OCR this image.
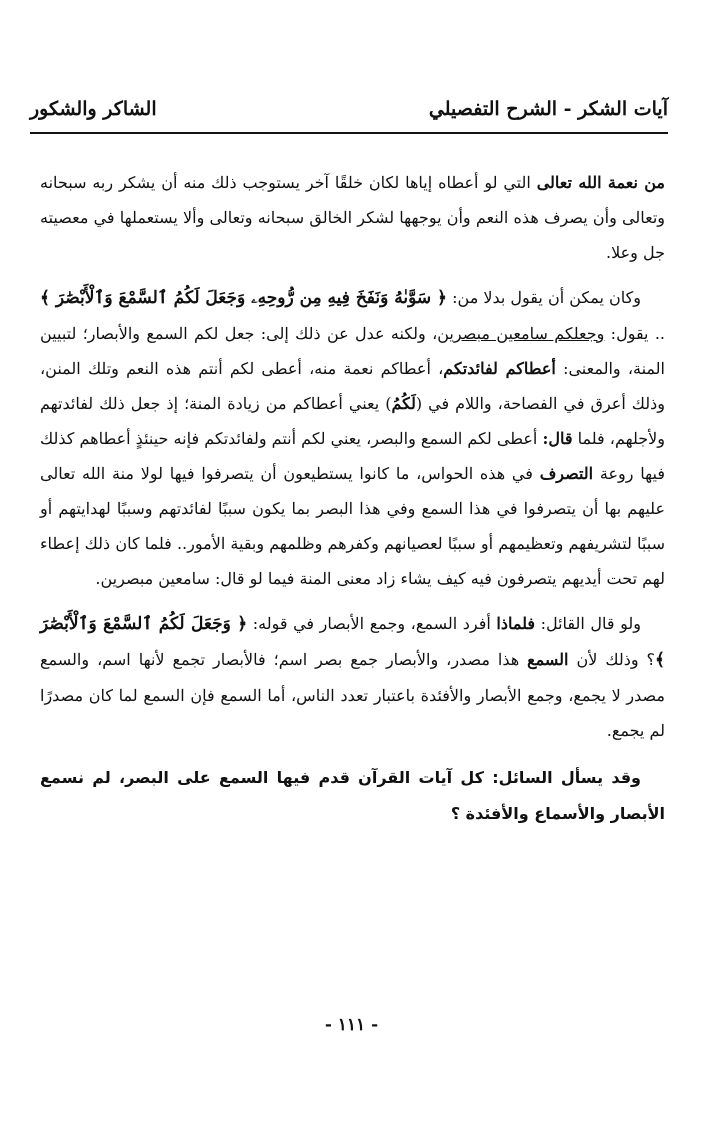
آيات الشكر - الشرح التفصيلي
الشاكر والشكور

من نعمة الله تعالى التي لو أعطاه إياها لكان خلقًا آخر يستوجب ذلك منه أن يشكر ربه سبحانه وتعالى وأن يصرف هذه النعم وأن يوجهها لشكر الخالق سبحانه وتعالى وألا يستعملها في معصيته جل وعلا.

وكان يمكن أن يقول بدلا من: ﴿ سَوَّىٰهُ وَنَفَخَ فِيهِ مِن رُّوحِهِۦ وَجَعَلَ لَكُمُ ٱلسَّمْعَ وَٱلْأَبْصَٰرَ ﴾ .. يقول: وجعلكم سامعين مبصرين، ولكنه عدل عن ذلك إلى: جعل لكم السمع والأبصار؛ لتبيين المنة، والمعنى: أعطاكم لفائدتكم، أعطاكم نعمة منه، أعطى لكم أنتم هذه النعم وتلك المنن، وذلك أعرق في الفصاحة، واللام في (لَكُمُ) يعني أعطاكم من زيادة المنة؛ إذ جعل ذلك لفائدتهم ولأجلهم، فلما قال: أعطى لكم السمع والبصر، يعني لكم أنتم ولفائدتكم فإنه حينئذٍ أعطاهم كذلك فيها روعة التصرف في هذه الحواس، ما كانوا يستطيعون أن يتصرفوا فيها لولا منة الله تعالى عليهم بها أن يتصرفوا في هذا السمع وفي هذا البصر بما يكون سببًا لفائدتهم وسببًا لهدايتهم أو سببًا لتشريفهم وتعظيمهم أو سببًا لعصيانهم وكفرهم وظلمهم وبقية الأمور.. فلما كان ذلك إعطاء لهم تحت أيديهم يتصرفون فيه كيف يشاء زاد معنى المنة فيما لو قال: سامعين مبصرين.

ولو قال القائل: فلماذا أفرد السمع، وجمع الأبصار في قوله: ﴿ وَجَعَلَ لَكُمُ ٱلسَّمْعَ وَٱلْأَبْصَٰرَ ﴾؟ وذلك لأن السمع هذا مصدر، والأبصار جمع بصر اسم؛ فالأبصار تجمع لأنها اسم، والسمع مصدر لا يجمع، وجمع الأبصار والأفئدة باعتبار تعدد الناس، أما السمع فإن السمع لما كان مصدرًا لم يجمع.

وقد يسأل السائل: كل آيات القرآن قدم فيها السمع على البصر، لم نسمع الأبصار والأسماع والأفئدة ؟

- ١١١ -
